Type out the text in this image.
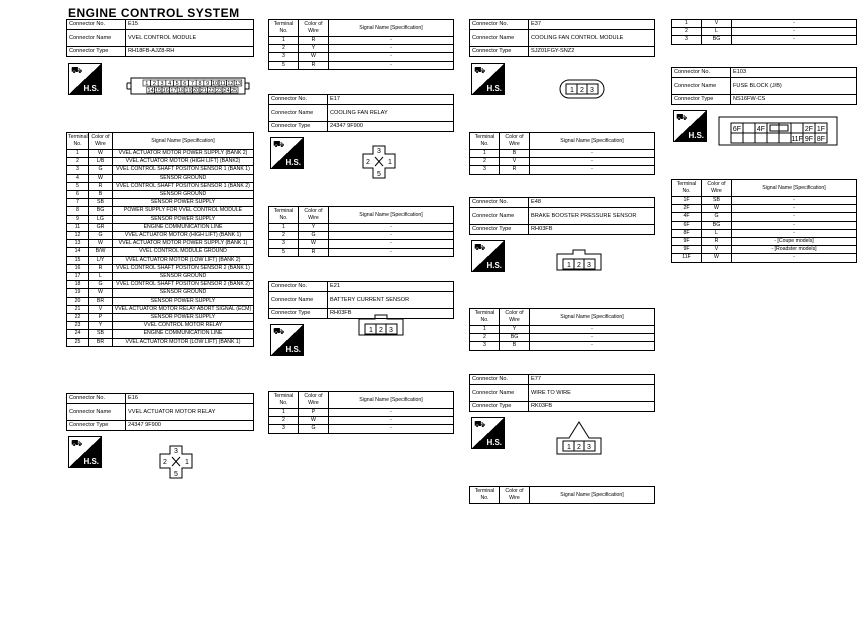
ENGINE CONTROL SYSTEM
Connector No.	E15
Connector Name	VVEL CONTROL MODULE
Connector Type	RH18FB-AJZ8-RH
⛟
H.S.	1 2 3 4 5 6 7 8 9 10 11 12 13
14 15 16 17 18 19 20 21 22 23 24 25
Terminal No.	Color of Wire	Signal Name [Specification]
1	W	VVEL ACTUATOR MOTOR POWER SUPPLY (BANK 2)
2	L/B	VVEL ACTUATOR MOTOR (HIGH LIFT) (BANK2)
3	G	VVEL CONTROL SHAFT POSITON SENSOR 1 (BANK 1)
4	W	SENSOR GROUND
5	R	VVEL CONTROL SHAFT POSITON SENSOR 1 (BANK 2)
6	B	SENSOR GROUND
7	SB	SENSOR POWER SUPPLY
8	BG	POWER SUPPLY FOR VVEL CONTROL MODULE
9	LG	SENSOR POWER SUPPLY
11	GR	ENGINE COMMUNICATION LINE
12	G	VVEL ACTUATOR MOTOR (HIGH LIFT) (BANK 1)
13	W	VVEL ACTUATOR MOTOR POWER SUPPLY (BANK 1)
14	B/W	VVEL CONTROL MODULE GROUND
15	L/Y	VVEL ACTUATOR MOTOR (LOW LIFT) (BANK 2)
16	R	VVEL CONTROL SHAFT POSITON SENSOR 2 (BANK 1)
17	L	SENSOR GROUND
18	G	VVEL CONTROL SHAFT POSITON SENSOR 2 (BANK 2)
19	W	SENSOR GROUND
20	BR	SENSOR POWER SUPPLY
21	V	VVEL ACTUATOR MOTOR RELAY ABORT SIGNAL (ECM)
22	P	SENSOR POWER SUPPLY
23	Y	VVEL CONTROL MOTOR RELAY
24	SB	ENGINE COMMUNICATION LINE
25	BR	VVEL ACTUATOR MOTOR (LOW LIFT) (BANK 1)
Connector No.	E16
Connector Name	VVEL ACTUATOR MOTOR RELAY
Connector Type	24347 9F900
⛟
H.S.
3
2	1
5
Terminal No.	Color of Wire	Signal Name [Specification]
1	R	-
2	Y	-
3	W	-
5	R	-
Connector No.	E17
Connector Name	COOLING FAN RELAY
Connector Type	24347 9F900
⛟
H.S.
3
2	1
5
Terminal No.	Color of Wire	Signal Name [Specification]
1	Y	-
2	G	-
3	W	-
5	R	-
Connector No.	E21
Connector Name	BATTERY CURRENT SENSOR
Connector Type	RH03FB
⛟
H.S.
1 2 3
Terminal No.	Color of Wire	Signal Name [Specification]
1	P	-
2	W	-
3	G	-
Connector No.	E37
Connector Name	COOLING FAN CONTROL MODULE
Connector Type	SJZ01FGY-SNZ2
⛟
H.S.	1 2 3
Terminal No.	Color of Wire	Signal Name [Specification]
1	B	-
2	V	-
3	R	-
Connector No.	E48
Connector Name	BRAKE BOOSTER PRESSURE SENSOR
Connector Type	RH03FB
⛟
H.S.	1 2 3
Terminal No.	Color of Wire	Signal Name [Specification]
1	Y	-
2	BG	-
3	B	-
Connector No.	E77
Connector Name	WIRE TO WIRE
Connector Type	RK03FB
⛟
H.S.
1 2 3
Terminal No.	Color of Wire	Signal Name [Specification]
1	V	-
2	L	-
3	BG	-
Connector No.	E103
Connector Name	FUSE BLOCK (J/B)
Connector Type	NS16FW-CS
⛟
H.S.
6F 4F	2F 1F
11F 9F 8F
Terminal No.	Color of Wire	Signal Name [Specification]
1F	SB	-
2F	W	-
4F	G	-
6F	BG	-
8F	L	-
9F	R	- [Coupe models]
9F	V	- [Roadster models]
11F	W	-
